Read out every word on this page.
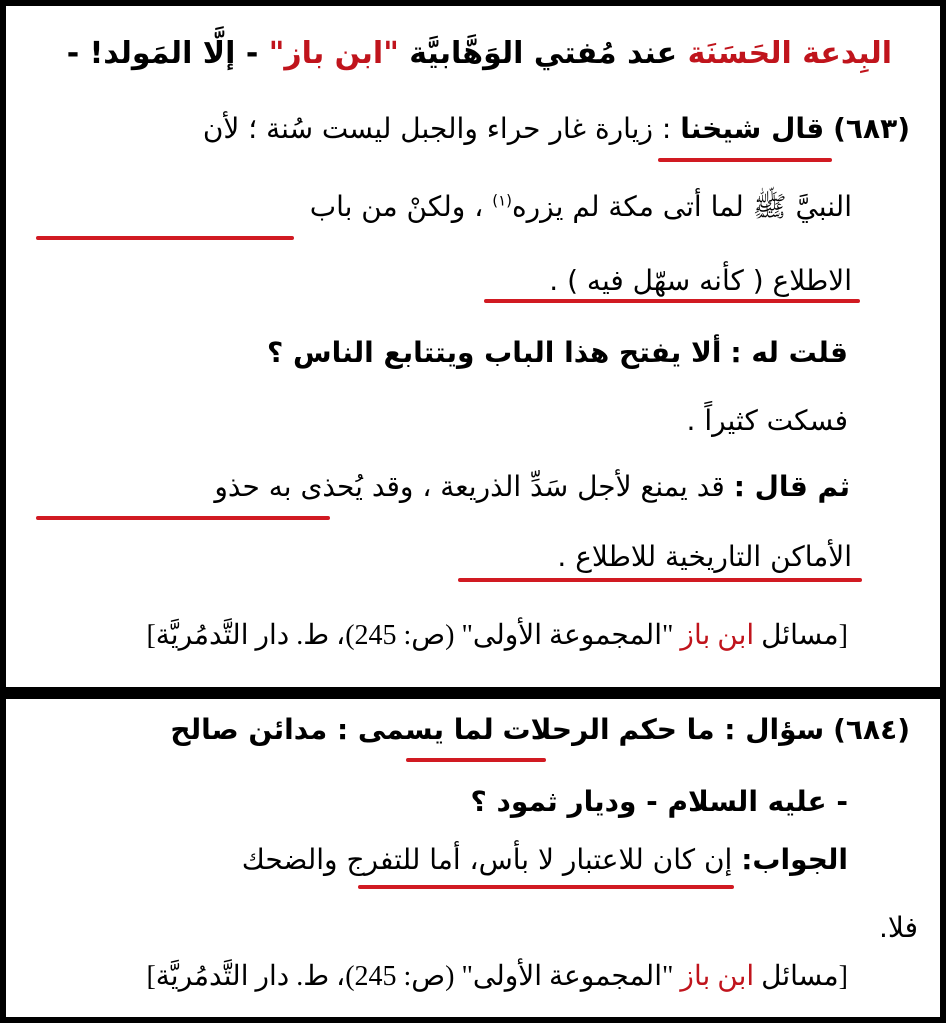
البِدعة الحَسَنَة عند مُفتي الوَهَّابيَّة "ابن باز" - إلَّا المَولد! -
(٦٨٣) قال شيخنا : زيارة غار حراء والجبل ليست سُنة ؛ لأن
النبيَّ ﷺ لما أتى مكة لم يزره$^{(١)}$ ، ولكنْ من باب
الاطلاع ( كأنه سهّل فيه ) .
قلت له : ألا يفتح هذا الباب ويتتابع الناس ؟
فسكت كثيراً .
ثم قال : قد يمنع لأجل سَدِّ الذريعة ، وقد يُحذى به حذو
الأماكن التاريخية للاطلاع .
[مسائل ابن باز "المجموعة الأولى" (ص: 245)، ط. دار التَّدمُريَّة]
(٦٨٤) سؤال : ما حكم الرحلات لما يسمى : مدائن صالح
- عليه السلام - وديار ثمود ؟
الجواب: إن كان للاعتبار لا بأس، أما للتفرج والضحك
فلا.
[مسائل ابن باز "المجموعة الأولى" (ص: 245)، ط. دار التَّدمُريَّة]
